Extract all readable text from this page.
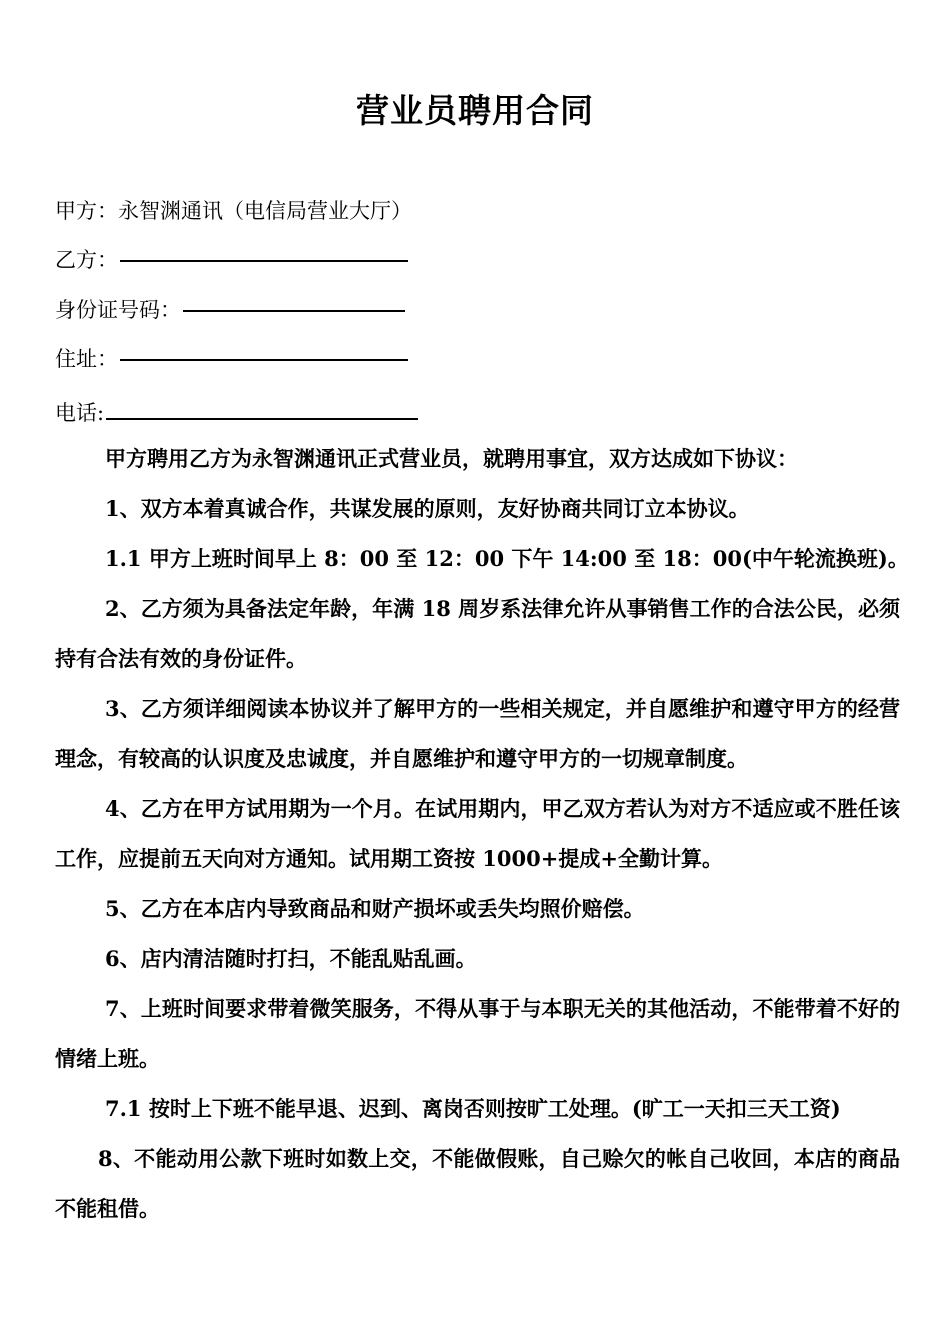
营业员聘用合同
甲方：永智渊通讯（电信局营业大厅）
乙方：
身份证号码：
住址：
电话:

甲方聘用乙方为永智渊通讯正式营业员，就聘用事宜，双方达成如下协议：

1、双方本着真诚合作，共谋发展的原则，友好协商共同订立本协议。

1.1 甲方上班时间早上 8：00 至 12：00 下午 14:00 至 18：00(中午轮流换班)。

2、乙方须为具备法定年龄，年满 18 周岁系法律允许从事销售工作的合法公民，必须持有合法有效的身份证件。

3、乙方须详细阅读本协议并了解甲方的一些相关规定，并自愿维护和遵守甲方的经营理念，有较高的认识度及忠诚度，并自愿维护和遵守甲方的一切规章制度。

4、乙方在甲方试用期为一个月。在试用期内，甲乙双方若认为对方不适应或不胜任该工作，应提前五天向对方通知。试用期工资按 1000+提成+全勤计算。

5、乙方在本店内导致商品和财产损坏或丢失均照价赔偿。

6、店内清洁随时打扫，不能乱贴乱画。

7、上班时间要求带着微笑服务，不得从事于与本职无关的其他活动，不能带着不好的情绪上班。

7.1 按时上下班不能早退、迟到、离岗否则按旷工处理。(旷工一天扣三天工资)

8、不能动用公款下班时如数上交，不能做假账，自己赊欠的帐自己收回，本店的商品不能租借。
